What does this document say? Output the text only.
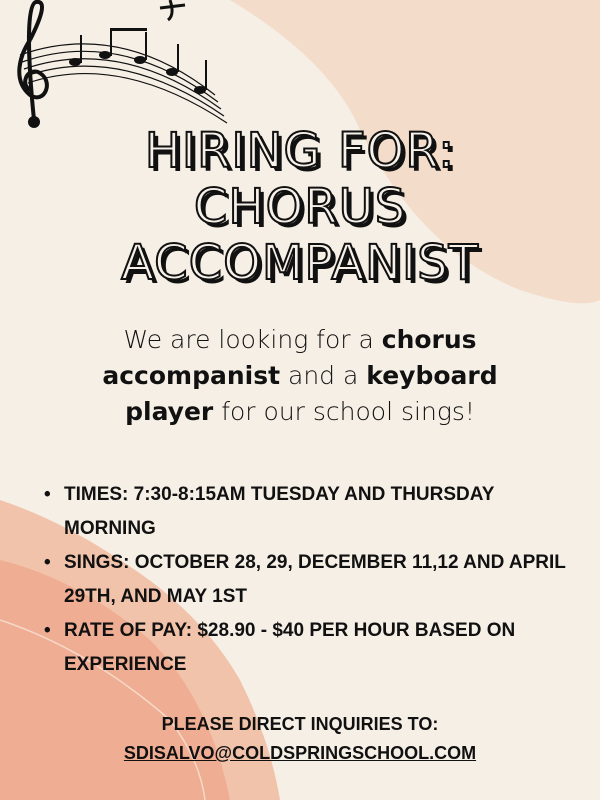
HIRING FOR:
CHORUS
ACCOMPANIST
We are looking for a chorus accompanist and a keyboard player for our school sings!
• TIMES: 7:30-8:15AM TUESDAY AND THURSDAY MORNING
• SINGS: OCTOBER 28, 29, DECEMBER 11,12 AND APRIL 29TH, AND MAY 1ST
• RATE OF PAY: $28.90 - $40 PER HOUR BASED ON EXPERIENCE
PLEASE DIRECT INQUIRIES TO:
SDISALVO@COLDSPRINGSCHOOL.COM
